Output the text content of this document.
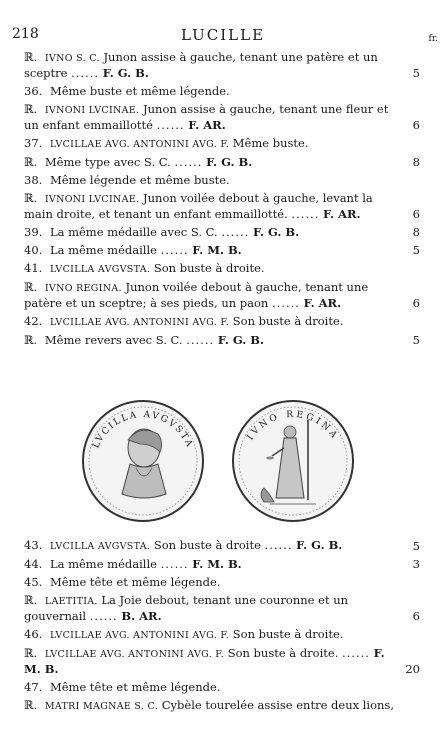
218	LUCILLE	fr.
ℝ. IVNO S. C. Junon assise à gauche, tenant une patère et un sceptre ...... F. G. B.	5
36. Même buste et même légende.
ℝ. IVNONI LVCINAE. Junon assise à gauche, tenant une fleur et un enfant emmaillotté ...... F. AR.	6
37. LVCILLAE AVG. ANTONINI AVG. F. Même buste.
ℝ. Même type avec S. C. ...... F. G. B.	8
38. Même légende et même buste.
ℝ. IVNONI LVCINAE. Junon voilée debout à gauche, levant la main droite, et tenant un enfant emmaillotté. ...... F. AR.	6
39. La même médaille avec S. C. ...... F. G. B.	8
40. La même médaille ...... F. M. B.	5
41. LVCILLA AVGVSTA. Son buste à droite.
ℝ. IVNO REGINA. Junon voilée debout à gauche, tenant une patère et un sceptre; à ses pieds, un paon ...... F. AR.	6
42. LVCILLAE AVG. ANTONINI AVG. F. Son buste à droite.
ℝ. Même revers avec S. C. ...... F. G. B.	5
LVCILLA AVGVSTA
IVNO REGINA
43. LVCILLA AVGVSTA. Son buste à droite ...... F. G. B.	5
44. La même médaille ...... F. M. B.	3
45. Même tête et même légende.
ℝ. LAETITIA. La Joie debout, tenant une couronne et un gouvernail ...... B. AR.	6
46. LVCILLAE AVG. ANTONINI AVG. F. Son buste à droite.
ℝ. LVCILLAE AVG. ANTONINI AVG. F. Son buste à droite. ...... F. M. B.	20
47. Même tête et même légende.
ℝ. MATRI MAGNAE S. C. Cybèle tourelée assise entre deux lions,
